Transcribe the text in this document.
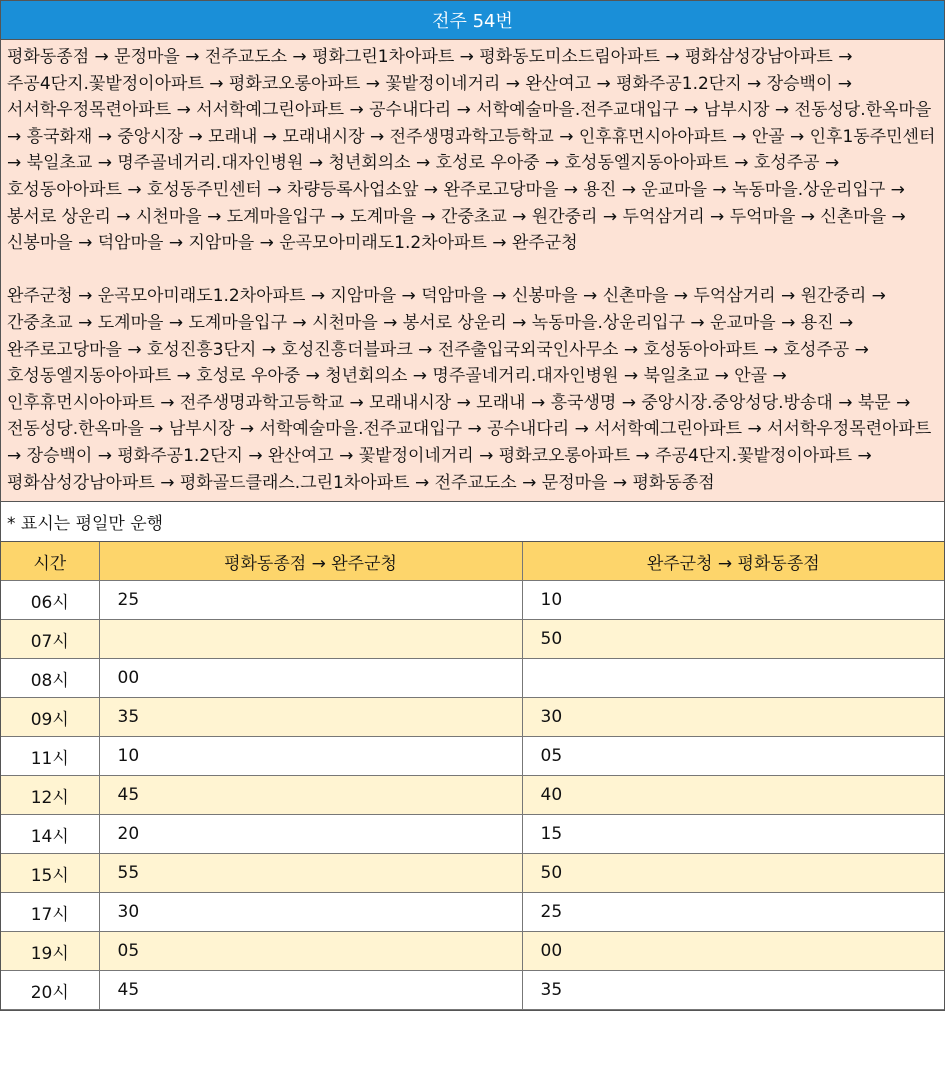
전주 54번

평화동종점 → 문정마을 → 전주교도소 → 평화그린1차아파트 → 평화동도미소드림아파트 → 평화삼성강남아파트 → 주공4단지.꽃밭정이아파트 → 평화코오롱아파트 → 꽃밭정이네거리 → 완산여고 → 평화주공1.2단지 → 장승백이 → 서서학우정목련아파트 → 서서학예그린아파트 → 공수내다리 → 서학예술마을.전주교대입구 → 남부시장 → 전동성당.한옥마을 → 흥국화재 → 중앙시장 → 모래내 → 모래내시장 → 전주생명과학고등학교 → 인후휴먼시아아파트 → 안골 → 인후1동주민센터 → 북일초교 → 명주골네거리.대자인병원 → 청년회의소 → 호성로 우아중 → 호성동엘지동아아파트 → 호성주공 → 호성동아아파트 → 호성동주민센터 → 차량등록사업소앞 → 완주로고당마을 → 용진 → 운교마을 → 녹동마을.상운리입구 → 봉서로 상운리 → 시천마을 → 도계마을입구 → 도계마을 → 간중초교 → 원간중리 → 두억삼거리 → 두억마을 → 신촌마을 → 신봉마을 → 덕암마을 → 지암마을 → 운곡모아미래도1.2차아파트 → 완주군청

완주군청 → 운곡모아미래도1.2차아파트 → 지암마을 → 덕암마을 → 신봉마을 → 신촌마을 → 두억삼거리 → 원간중리 → 간중초교 → 도계마을 → 도계마을입구 → 시천마을 → 봉서로 상운리 → 녹동마을.상운리입구 → 운교마을 → 용진 → 완주로고당마을 → 호성진흥3단지 → 호성진흥더블파크 → 전주출입국외국인사무소 → 호성동아아파트 → 호성주공 → 호성동엘지동아아파트 → 호성로 우아중 → 청년회의소 → 명주골네거리.대자인병원 → 북일초교 → 안골 → 인후휴먼시아아파트 → 전주생명과학고등학교 → 모래내시장 → 모래내 → 흥국생명 → 중앙시장.중앙성당.방송대 → 북문 → 전동성당.한옥마을 → 남부시장 → 서학예술마을.전주교대입구 → 공수내다리 → 서서학예그린아파트 → 서서학우정목련아파트 → 장승백이 → 평화주공1.2단지 → 완산여고 → 꽃밭정이네거리 → 평화코오롱아파트 → 주공4단지.꽃밭정이아파트 → 평화삼성강남아파트 → 평화골드클래스.그린1차아파트 → 전주교도소 → 문정마을 → 평화동종점

* 표시는 평일만 운행
시간	평화동종점 → 완주군청	완주군청 → 평화동종점
06시	25	10
07시		50
08시	00	
09시	35	30
11시	10	05
12시	45	40
14시	20	15
15시	55	50
17시	30	25
19시	05	00
20시	45	35
